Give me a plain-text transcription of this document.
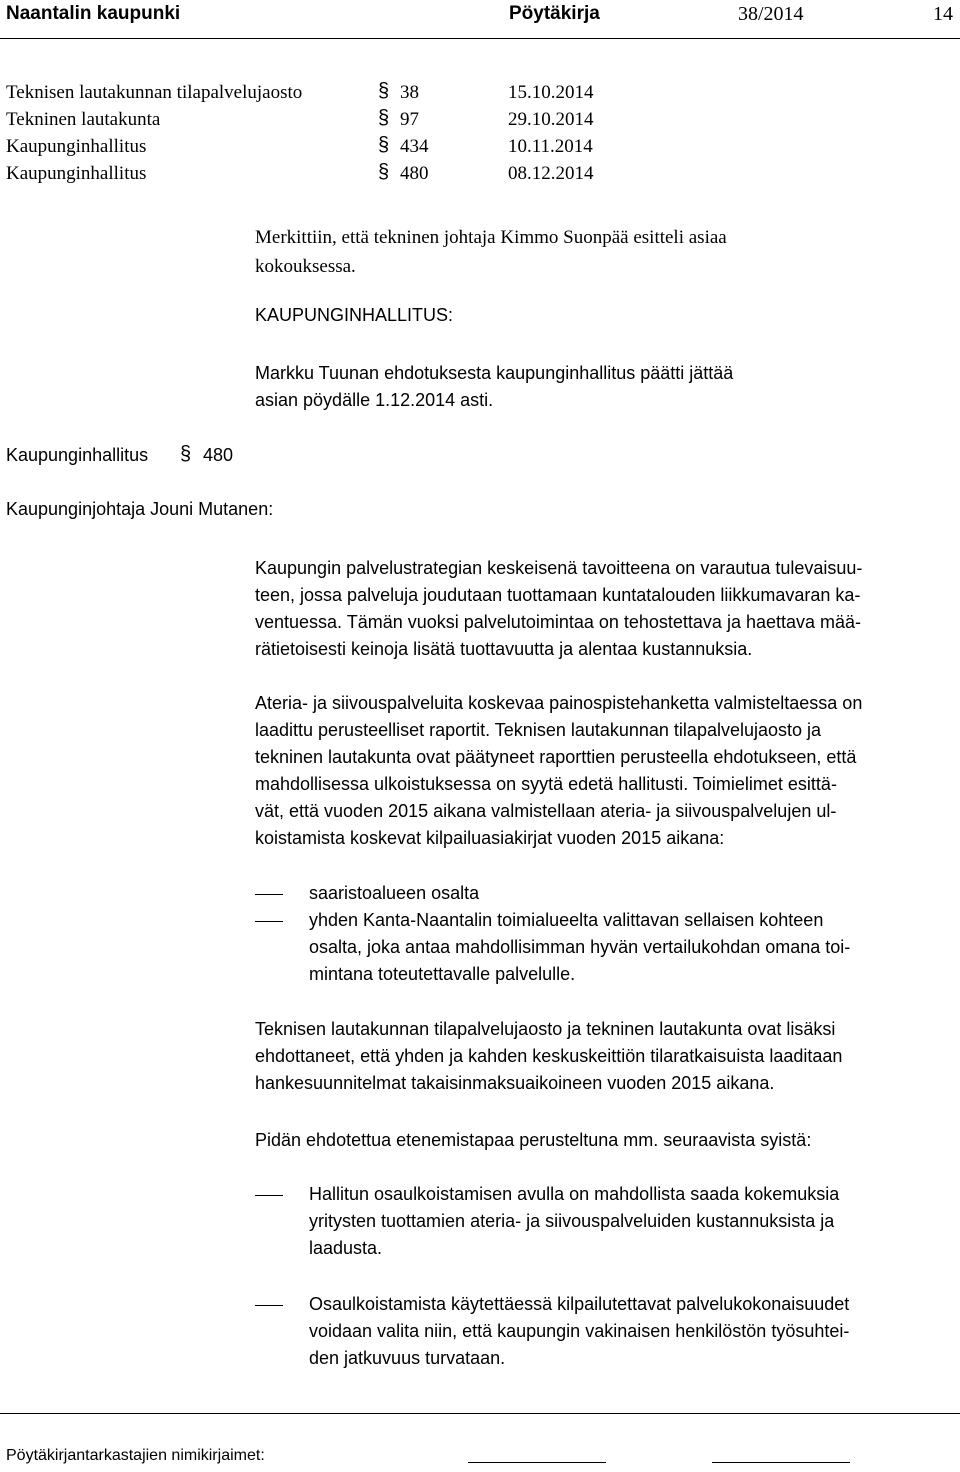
Naantalin kaupunki	Pöytäkirja	38/2014	14
Teknisen lautakunnan tilapalvelujaosto	§ 38	15.10.2014
Tekninen lautakunta	§ 97	29.10.2014
Kaupunginhallitus	§ 434	10.11.2014
Kaupunginhallitus	§ 480	08.12.2014
Merkittiin, että tekninen johtaja Kimmo Suonpää esitteli asiaa
kokouksessa.
KAUPUNGINHALLITUS:
Markku Tuunan ehdotuksesta kaupunginhallitus päätti jättää
asian pöydälle 1.12.2014 asti.
Kaupunginhallitus § 480
Kaupunginjohtaja Jouni Mutanen:
Kaupungin palvelustrategian keskeisenä tavoitteena on varautua tulevaisuu-
teen, jossa palveluja joudutaan tuottamaan kuntatalouden liikkumavaran ka-
ventuessa. Tämän vuoksi palvelutoimintaa on tehostettava ja haettava mää-
rätietoisesti keinoja lisätä tuottavuutta ja alentaa kustannuksia.
Ateria- ja siivouspalveluita koskevaa painospistehanketta valmisteltaessa on
laadittu perusteelliset raportit. Teknisen lautakunnan tilapalvelujaosto ja
tekninen lautakunta ovat päätyneet raporttien perusteella ehdotukseen, että
mahdollisessa ulkoistuksessa on syytä edetä hallitusti. Toimielimet esittä-
vät, että vuoden 2015 aikana valmistellaan ateria- ja siivouspalvelujen ul-
koistamista koskevat kilpailuasiakirjat vuoden 2015 aikana:
saaristoalueen osalta
yhden Kanta-Naantalin toimialueelta valittavan sellaisen kohteen
osalta, joka antaa mahdollisimman hyvän vertailukohdan omana toi-
mintana toteutettavalle palvelulle.
Teknisen lautakunnan tilapalvelujaosto ja tekninen lautakunta ovat lisäksi
ehdottaneet, että yhden ja kahden keskuskeittiön tilaratkaisuista laaditaan
hankesuunnitelmat takaisinmaksuaikoineen vuoden 2015 aikana.
Pidän ehdotettua etenemistapaa perusteltuna mm. seuraavista syistä:
Hallitun osaulkoistamisen avulla on mahdollista saada kokemuksia
yritysten tuottamien ateria- ja siivouspalveluiden kustannuksista ja
laadusta.
Osaulkoistamista käytettäessä kilpailutettavat palvelukokonaisuudet
voidaan valita niin, että kaupungin vakinaisen henkilöstön työsuhtei-
den jatkuvuus turvataan.
Pöytäkirjantarkastajien nimikirjaimet:
